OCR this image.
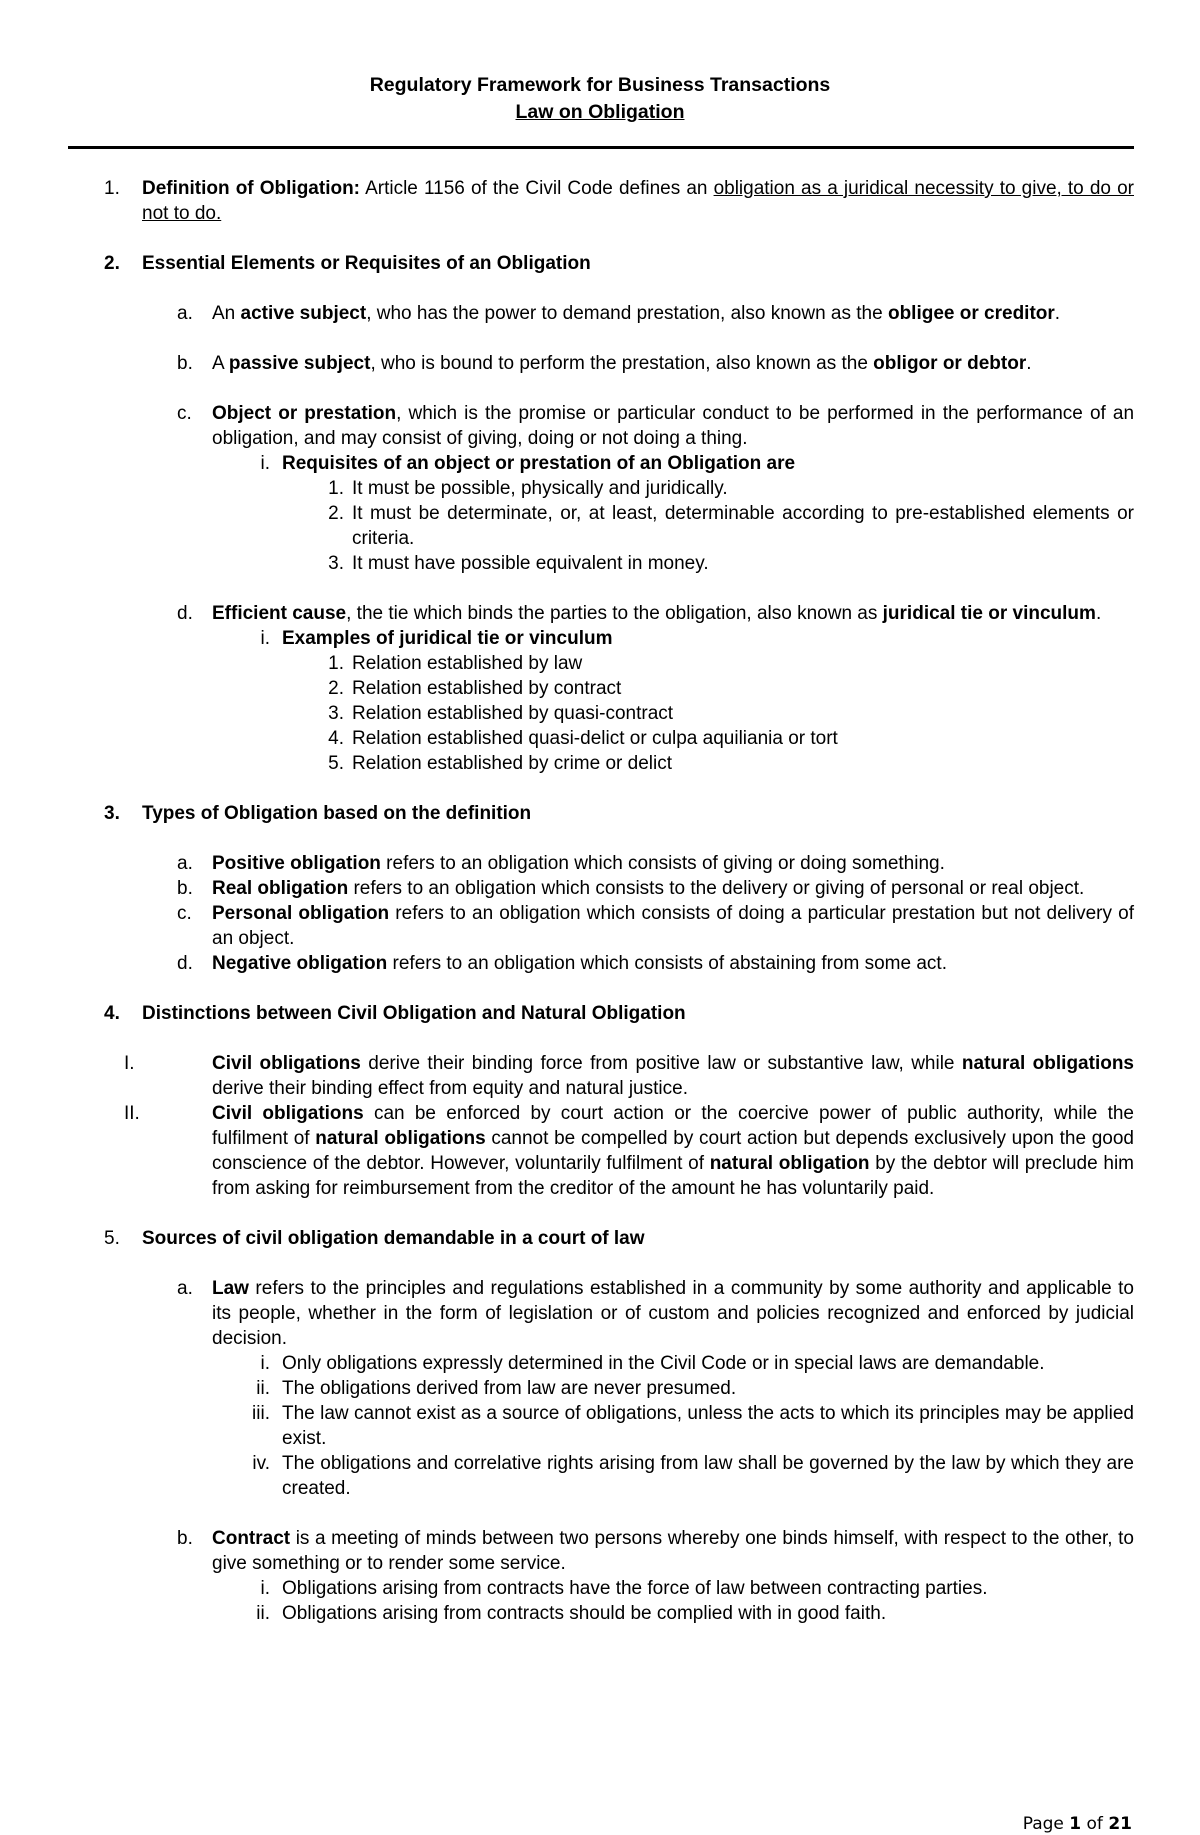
Regulatory Framework for Business Transactions
Law on Obligation
1. Definition of Obligation: Article 1156 of the Civil Code defines an obligation as a juridical necessity to give, to do or not to do.
2. Essential Elements or Requisites of an Obligation
a. An active subject, who has the power to demand prestation, also known as the obligee or creditor.
b. A passive subject, who is bound to perform the prestation, also known as the obligor or debtor.
c. Object or prestation, which is the promise or particular conduct to be performed in the performance of an obligation, and may consist of giving, doing or not doing a thing.
i. Requisites of an object or prestation of an Obligation are
1. It must be possible, physically and juridically.
2. It must be determinate, or, at least, determinable according to pre-established elements or criteria.
3. It must have possible equivalent in money.
d. Efficient cause, the tie which binds the parties to the obligation, also known as juridical tie or vinculum.
i. Examples of juridical tie or vinculum
1. Relation established by law
2. Relation established by contract
3. Relation established by quasi-contract
4. Relation established quasi-delict or culpa aquiliania or tort
5. Relation established by crime or delict
3. Types of Obligation based on the definition
a. Positive obligation refers to an obligation which consists of giving or doing something.
b. Real obligation refers to an obligation which consists to the delivery or giving of personal or real object.
c. Personal obligation refers to an obligation which consists of doing a particular prestation but not delivery of an object.
d. Negative obligation refers to an obligation which consists of abstaining from some act.
4. Distinctions between Civil Obligation and Natural Obligation
I.	Civil obligations derive their binding force from positive law or substantive law, while natural obligations derive their binding effect from equity and natural justice.
II.	Civil obligations can be enforced by court action or the coercive power of public authority, while the fulfilment of natural obligations cannot be compelled by court action but depends exclusively upon the good conscience of the debtor. However, voluntarily fulfilment of natural obligation by the debtor will preclude him from asking for reimbursement from the creditor of the amount he has voluntarily paid.
5. Sources of civil obligation demandable in a court of law
a. Law refers to the principles and regulations established in a community by some authority and applicable to its people, whether in the form of legislation or of custom and policies recognized and enforced by judicial decision.
i. Only obligations expressly determined in the Civil Code or in special laws are demandable.
ii. The obligations derived from law are never presumed.
iii. The law cannot exist as a source of obligations, unless the acts to which its principles may be applied exist.
iv. The obligations and correlative rights arising from law shall be governed by the law by which they are created.
b. Contract is a meeting of minds between two persons whereby one binds himself, with respect to the other, to give something or to render some service.
i. Obligations arising from contracts have the force of law between contracting parties.
ii. Obligations arising from contracts should be complied with in good faith.
Page 1 of 21
